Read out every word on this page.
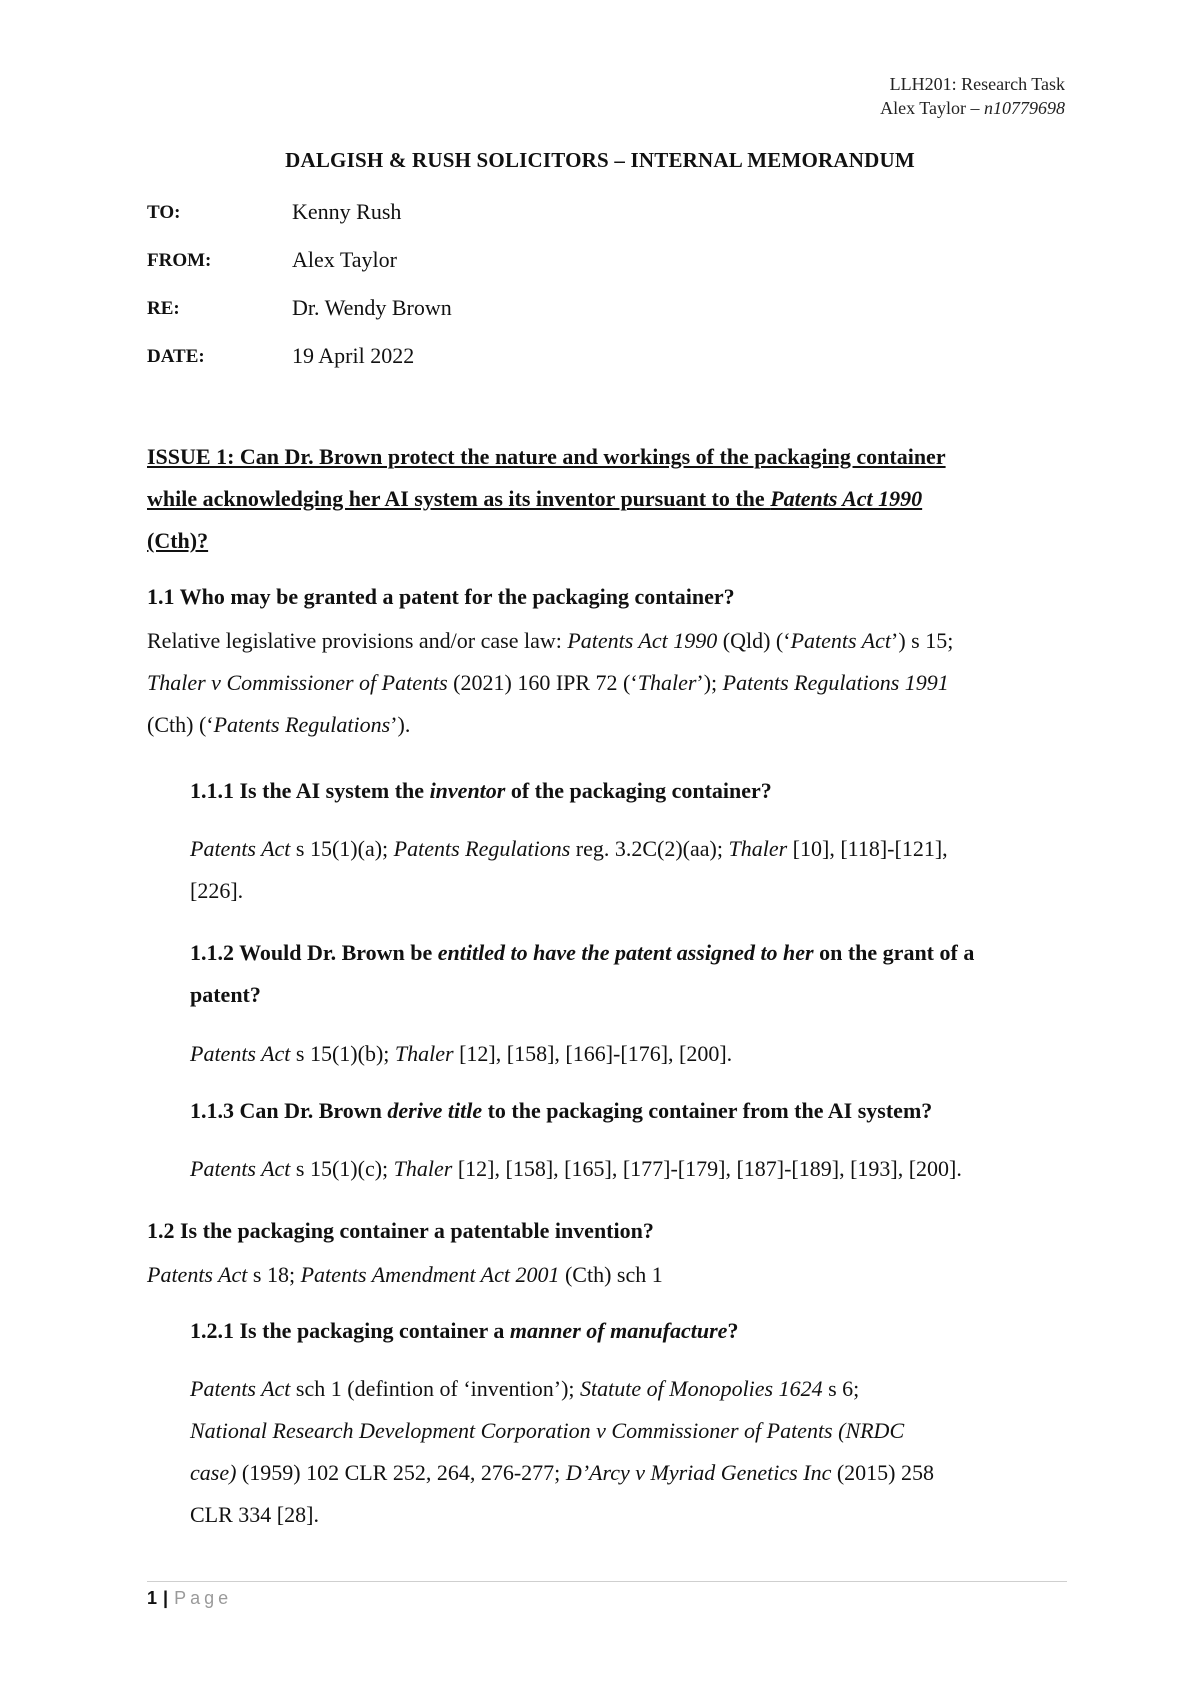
LLH201: Research Task
Alex Taylor – n10779698
DALGISH & RUSH SOLICITORS – INTERNAL MEMORANDUM
TO:	Kenny Rush
FROM:	Alex Taylor
RE:	Dr. Wendy Brown
DATE:	19 April 2022
ISSUE 1: Can Dr. Brown protect the nature and workings of the packaging container
while acknowledging her AI system as its inventor pursuant to the Patents Act 1990
(Cth)?
1.1 Who may be granted a patent for the packaging container?
Relative legislative provisions and/or case law: Patents Act 1990 (Qld) (‘Patents Act’) s 15;
Thaler v Commissioner of Patents (2021) 160 IPR 72 (‘Thaler’); Patents Regulations 1991
(Cth) (‘Patents Regulations’).
1.1.1 Is the AI system the inventor of the packaging container?
Patents Act s 15(1)(a); Patents Regulations reg. 3.2C(2)(aa); Thaler [10], [118]-[121],
[226].
1.1.2 Would Dr. Brown be entitled to have the patent assigned to her on the grant of a
patent?
Patents Act s 15(1)(b); Thaler [12], [158], [166]-[176], [200].
1.1.3 Can Dr. Brown derive title to the packaging container from the AI system?
Patents Act s 15(1)(c); Thaler [12], [158], [165], [177]-[179], [187]-[189], [193], [200].
1.2 Is the packaging container a patentable invention?
Patents Act s 18; Patents Amendment Act 2001 (Cth) sch 1
1.2.1 Is the packaging container a manner of manufacture?
Patents Act sch 1 (defintion of ‘invention’); Statute of Monopolies 1624 s 6;
National Research Development Corporation v Commissioner of Patents (NRDC
case) (1959) 102 CLR 252, 264, 276-277; D’Arcy v Myriad Genetics Inc (2015) 258
CLR 334 [28].
1 | Page
